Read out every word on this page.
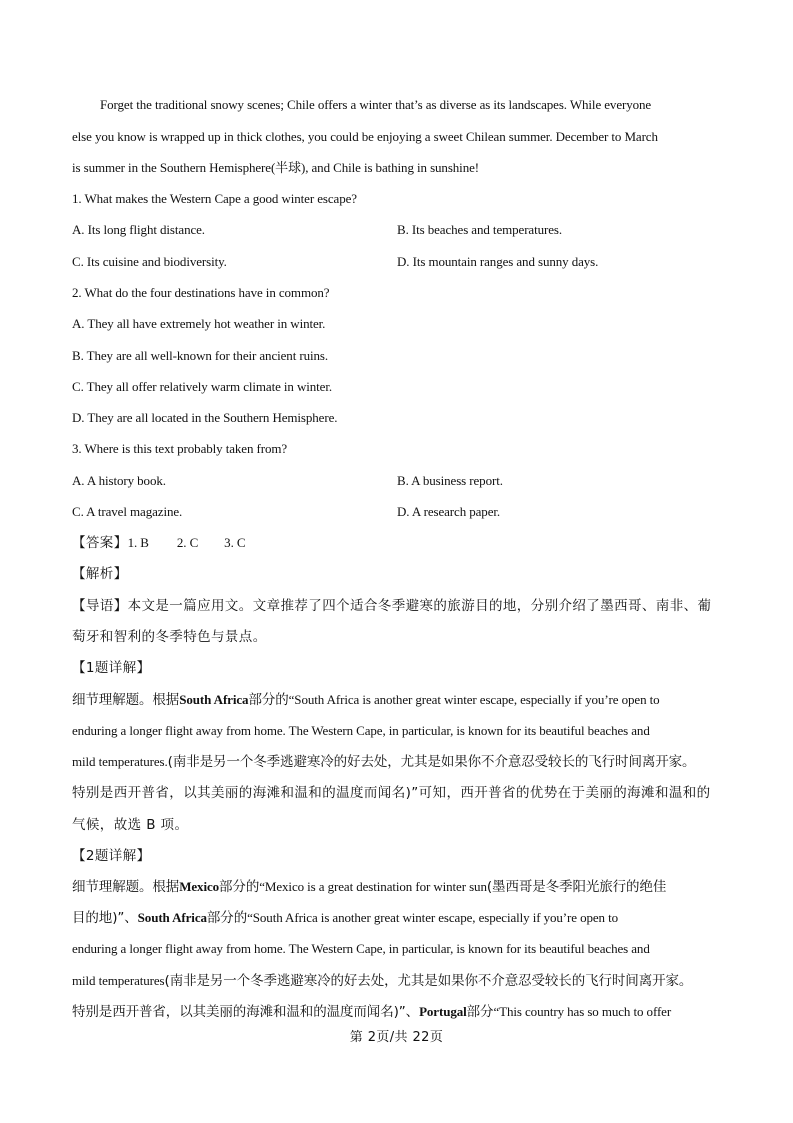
Forget the traditional snowy scenes; Chile offers a winter that’s as diverse as its landscapes. While everyone
else you know is wrapped up in thick clothes, you could be enjoying a sweet Chilean summer. December to March
is summer in the Southern Hemisphere(半球), and Chile is bathing in sunshine!
1. What makes the Western Cape a good winter escape?
A. Its long flight distance.	B. Its beaches and temperatures.
C. Its cuisine and biodiversity.	D. Its mountain ranges and sunny days.
2. What do the four destinations have in common?
A. They all have extremely hot weather in winter.
B. They are all well-known for their ancient ruins.
C. They all offer relatively warm climate in winter.
D. They are all located in the Southern Hemisphere.
3. Where is this text probably taken from?
A. A history book.	B. A business report.
C. A travel magazine.	D. A research paper.
【答案】1. B 2. C 3. C
【解析】
【导语】本文是一篇应用文。文章推荐了四个适合冬季避寒的旅游目的地，分别介绍了墨西哥、南非、葡
萄牙和智利的冬季特色与景点。
【1题详解】
细节理解题。根据South Africa部分的“South Africa is another great winter escape, especially if you’re open to
enduring a longer flight away from home. The Western Cape, in particular, is known for its beautiful beaches and
mild temperatures.(南非是另一个冬季逃避寒冷的好去处，尤其是如果你不介意忍受较长的飞行时间离开家。
特别是西开普省，以其美丽的海滩和温和的温度而闻名)”可知，西开普省的优势在于美丽的海滩和温和的
气候，故选 B 项。
【2题详解】
细节理解题。根据Mexico部分的“Mexico is a great destination for winter sun(墨西哥是冬季阳光旅行的绝佳
目的地)”、South Africa部分的“South Africa is another great winter escape, especially if you’re open to
enduring a longer flight away from home. The Western Cape, in particular, is known for its beautiful beaches and
mild temperatures(南非是另一个冬季逃避寒冷的好去处，尤其是如果你不介意忍受较长的飞行时间离开家。
特别是西开普省，以其美丽的海滩和温和的温度而闻名)”、Portugal部分“This country has so much to offer
第 2页/共 22页
